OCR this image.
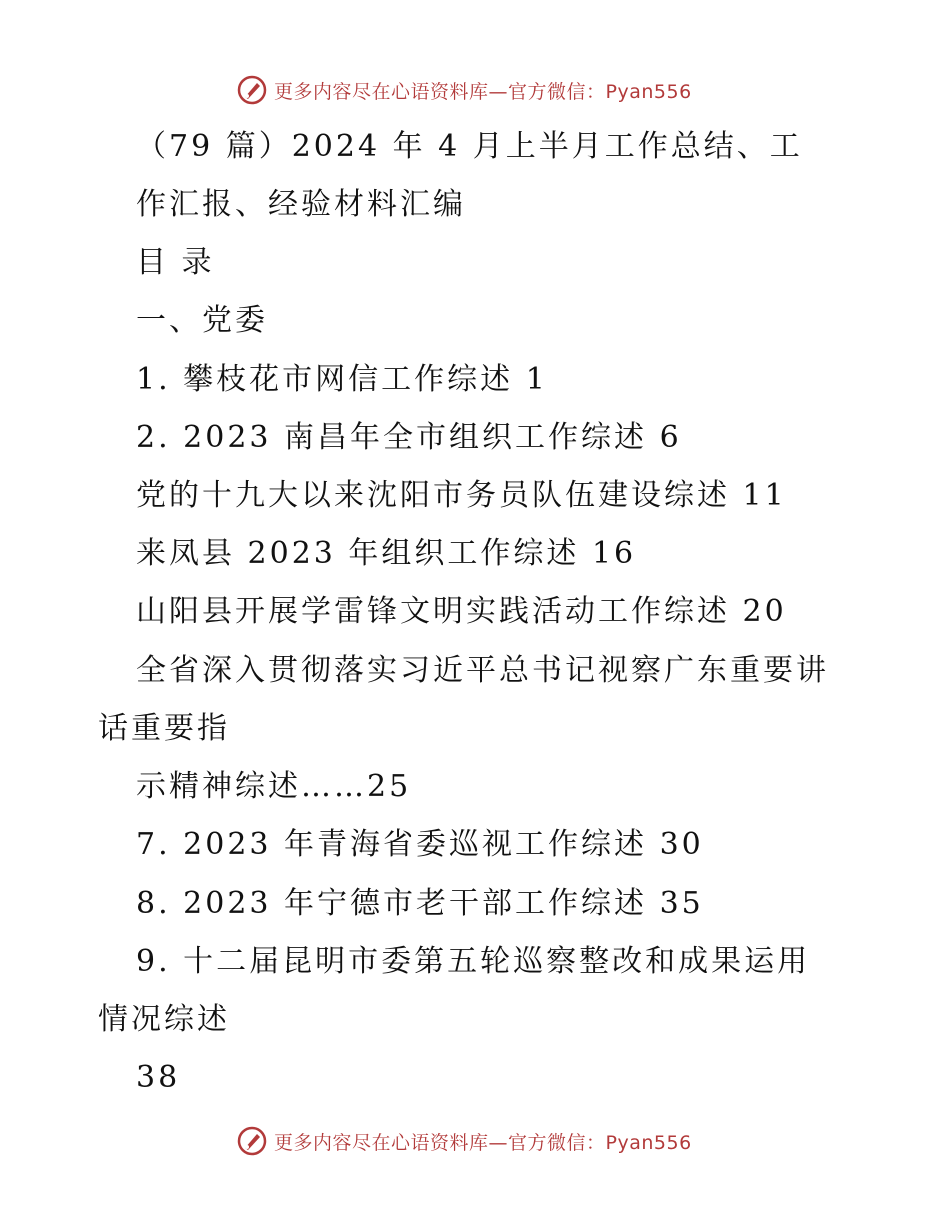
更多内容尽在心语资料库—官方微信：Pyan556
（79 篇）2024 年 4 月上半月工作总结、工
作汇报、经验材料汇编
目 录
一、党委
1. 攀枝花市网信工作综述 1
2. 2023 南昌年全市组织工作综述 6
党的十九大以来沈阳市务员队伍建设综述 11
来凤县 2023 年组织工作综述 16
山阳县开展学雷锋文明实践活动工作综述 20
全省深入贯彻落实习近平总书记视察广东重要讲
话重要指
示精神综述……25
7. 2023 年青海省委巡视工作综述 30
8. 2023 年宁德市老干部工作综述 35
9. 十二届昆明市委第五轮巡察整改和成果运用
情况综述
38
更多内容尽在心语资料库—官方微信：Pyan556
